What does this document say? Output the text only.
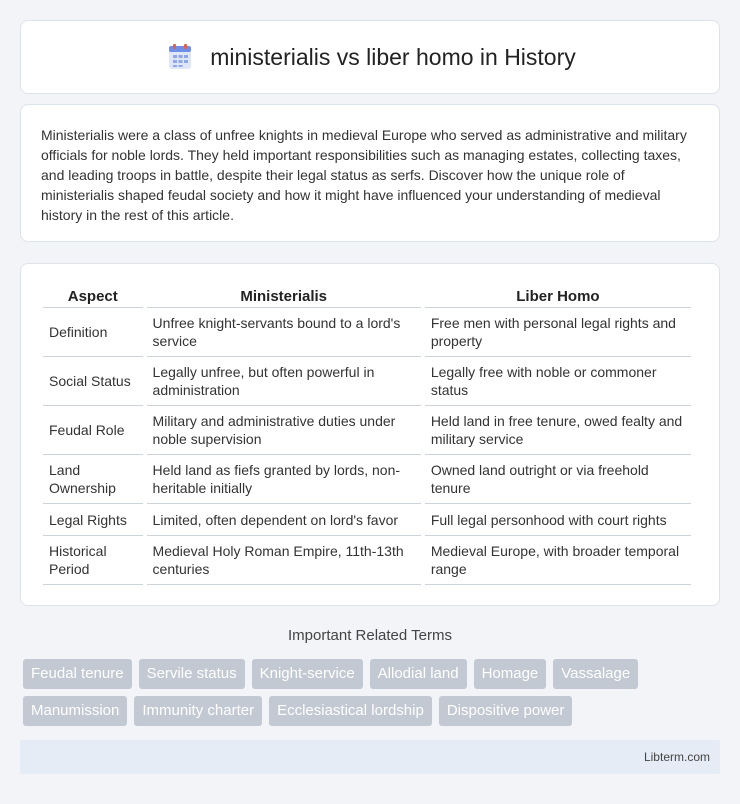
ministerialis vs liber homo in History

Ministerialis were a class of unfree knights in medieval Europe who served as administrative and military officials for noble lords. They held important responsibilities such as managing estates, collecting taxes, and leading troops in battle, despite their legal status as serfs. Discover how the unique role of ministerialis shaped feudal society and how it might have influenced your understanding of medieval history in the rest of this article.

Aspect	Ministerialis	Liber Homo
Definition	Unfree knight-servants bound to a lord's service	Free men with personal legal rights and property
Social Status	Legally unfree, but often powerful in administration	Legally free with noble or commoner status
Feudal Role	Military and administrative duties under noble supervision	Held land in free tenure, owed fealty and military service
Land Ownership	Held land as fiefs granted by lords, non-heritable initially	Owned land outright or via freehold tenure
Legal Rights	Limited, often dependent on lord's favor	Full legal personhood with court rights
Historical Period	Medieval Holy Roman Empire, 11th-13th centuries	Medieval Europe, with broader temporal range
Important Related Terms
Feudal tenure	Servile status	Knight-service	Allodial land	Homage	Vassalage
Manumission	Immunity charter	Ecclesiastical lordship	Dispositive power
Libterm.com
